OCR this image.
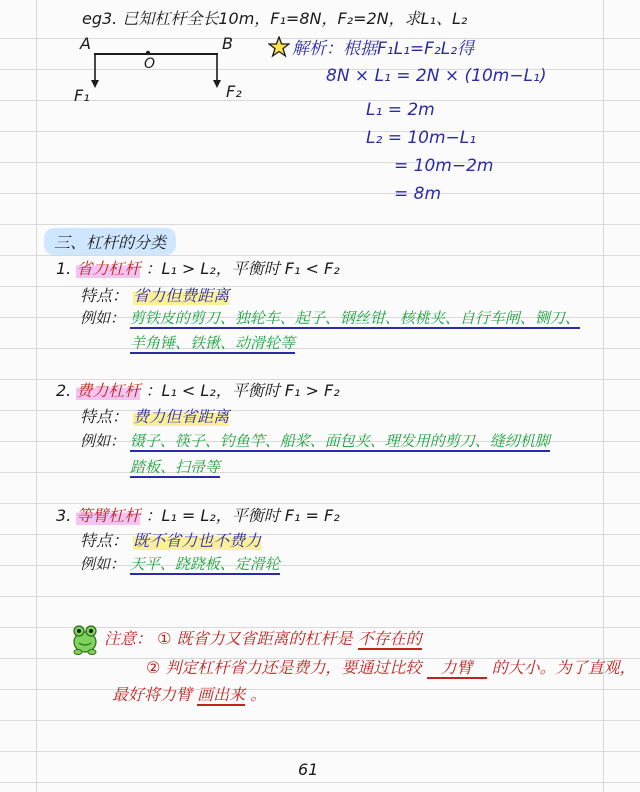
eg3. 已知杠杆全长10m，F₁=8N，F₂=2N，求L₁、L₂
A	B
O
F₁	F₂
解析：根据F₁L₁=F₂L₂得
8N × L₁ = 2N × (10m−L₁)
L₁ = 2m
L₂ = 10m−L₁
= 10m−2m
= 8m
三、杠杆的分类
1. 省力杠杆 ：L₁ > L₂，平衡时 F₁ < F₂
特点： 省力但费距离
例如： 剪铁皮的剪刀、独轮车、起子、钢丝钳、核桃夹、自行车闸、铡刀、
羊角锤、铁锹、动滑轮等
2. 费力杠杆 ：L₁ < L₂，平衡时 F₁ > F₂
特点： 费力但省距离
例如： 镊子、筷子、钓鱼竿、船桨、面包夹、理发用的剪刀、缝纫机脚
踏板、扫帚等
3. 等臂杠杆 ：L₁ = L₂，平衡时 F₁ = F₂
特点： 既不省力也不费力
例如： 天平、跷跷板、定滑轮
注意： ① 既省力又省距离的杠杆是 不存在的
② 判定杠杆省力还是费力，要通过比较 力臂 的大小。为了直观，
最好将力臂 画出来 。
61
